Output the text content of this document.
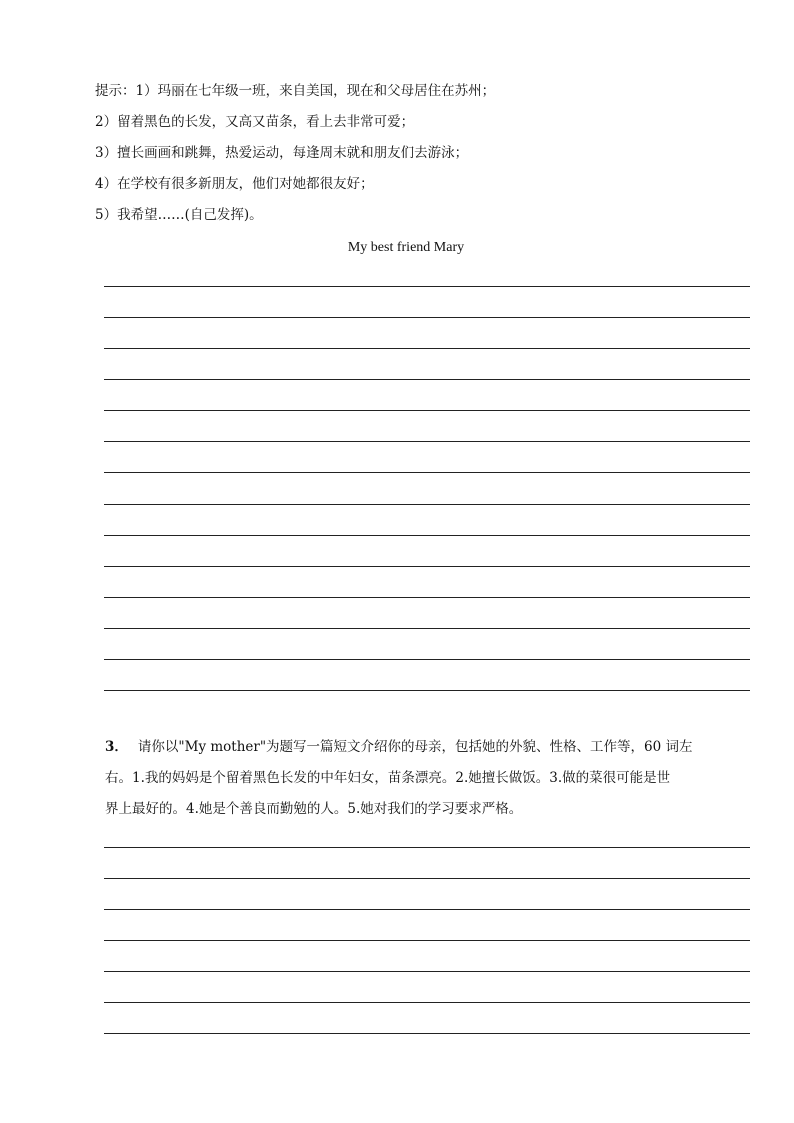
提示：1）玛丽在七年级一班，来自美国，现在和父母居住在苏州；
2）留着黑色的长发，又高又苗条，看上去非常可爱；
3）擅长画画和跳舞，热爱运动，每逢周末就和朋友们去游泳；
4）在学校有很多新朋友，他们对她都很友好；
5）我希望……(自己发挥)。
My best friend Mary
3． 请你以"My mother"为题写一篇短文介绍你的母亲，包括她的外貌、性格、工作等，60 词左
右。1.我的妈妈是个留着黑色长发的中年妇女，苗条漂亮。2.她擅长做饭。3.做的菜很可能是世
界上最好的。4.她是个善良而勤勉的人。5.她对我们的学习要求严格。
